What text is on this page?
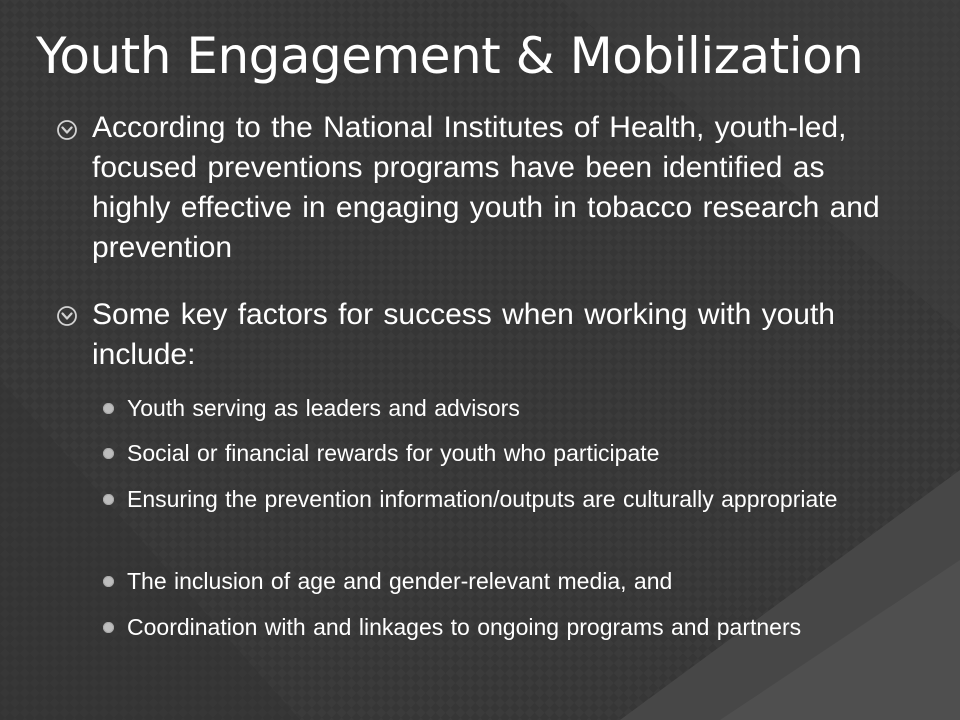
Youth Engagement & Mobilization
According to the National Institutes of Health, youth-led, focused preventions programs have been identified as highly effective in engaging youth in tobacco research and prevention
Some key factors for success when working with youth include:
Youth serving as leaders and advisors
Social or financial rewards for youth who participate
Ensuring the prevention information/outputs are culturally appropriate
The inclusion of age and gender-relevant media, and
Coordination with and linkages to ongoing programs and partners
